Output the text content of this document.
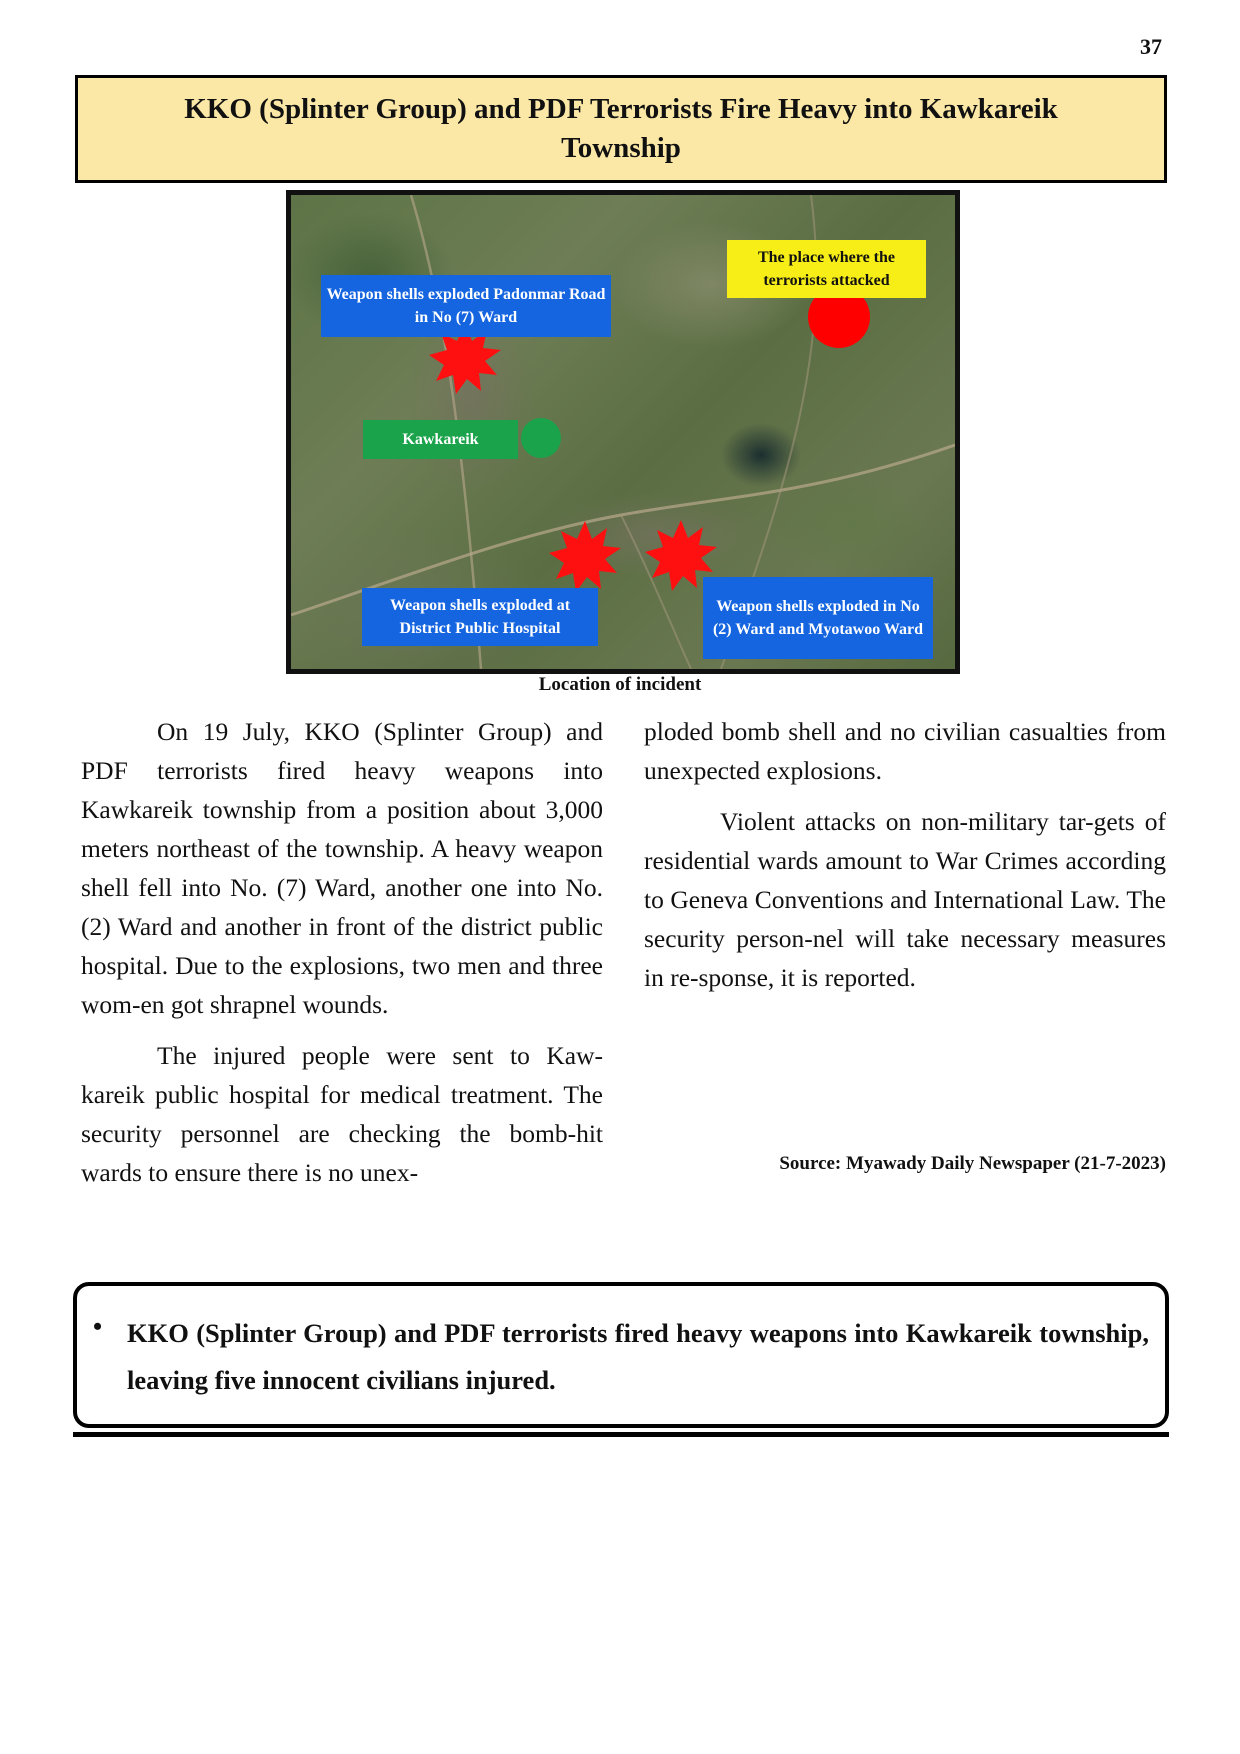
37
KKO (Splinter Group) and PDF Terrorists Fire Heavy into Kawkareik Township
Weapon shells exploded Padonmar Road in No (7) Ward
The place where the terrorists attacked
Kawkareik
Weapon shells exploded at District Public Hospital
Weapon shells exploded in No (2) Ward and Myotawoo Ward
Location of incident

On 19 July, KKO (Splinter Group) and PDF terrorists fired heavy weapons into Kawkareik township from a position about 3,000 meters northeast of the township. A heavy weapon shell fell into No. (7) Ward, another one into No. (2) Ward and another in front of the district public hospital. Due to the explosions, two men and three wom-en got shrapnel wounds.

The injured people were sent to Kaw-kareik public hospital for medical treatment. The security personnel are checking the bomb-hit wards to ensure there is no unex-

ploded bomb shell and no civilian casualties from unexpected explosions.

Violent attacks on non-military tar-gets of residential wards amount to War Crimes according to Geneva Conventions and International Law. The security person-nel will take necessary measures in re-sponse, it is reported.

Source: Myawady Daily Newspaper (21-7-2023)
• KKO (Splinter Group) and PDF terrorists fired heavy weapons into Kawkareik township, leaving five innocent civilians injured.
